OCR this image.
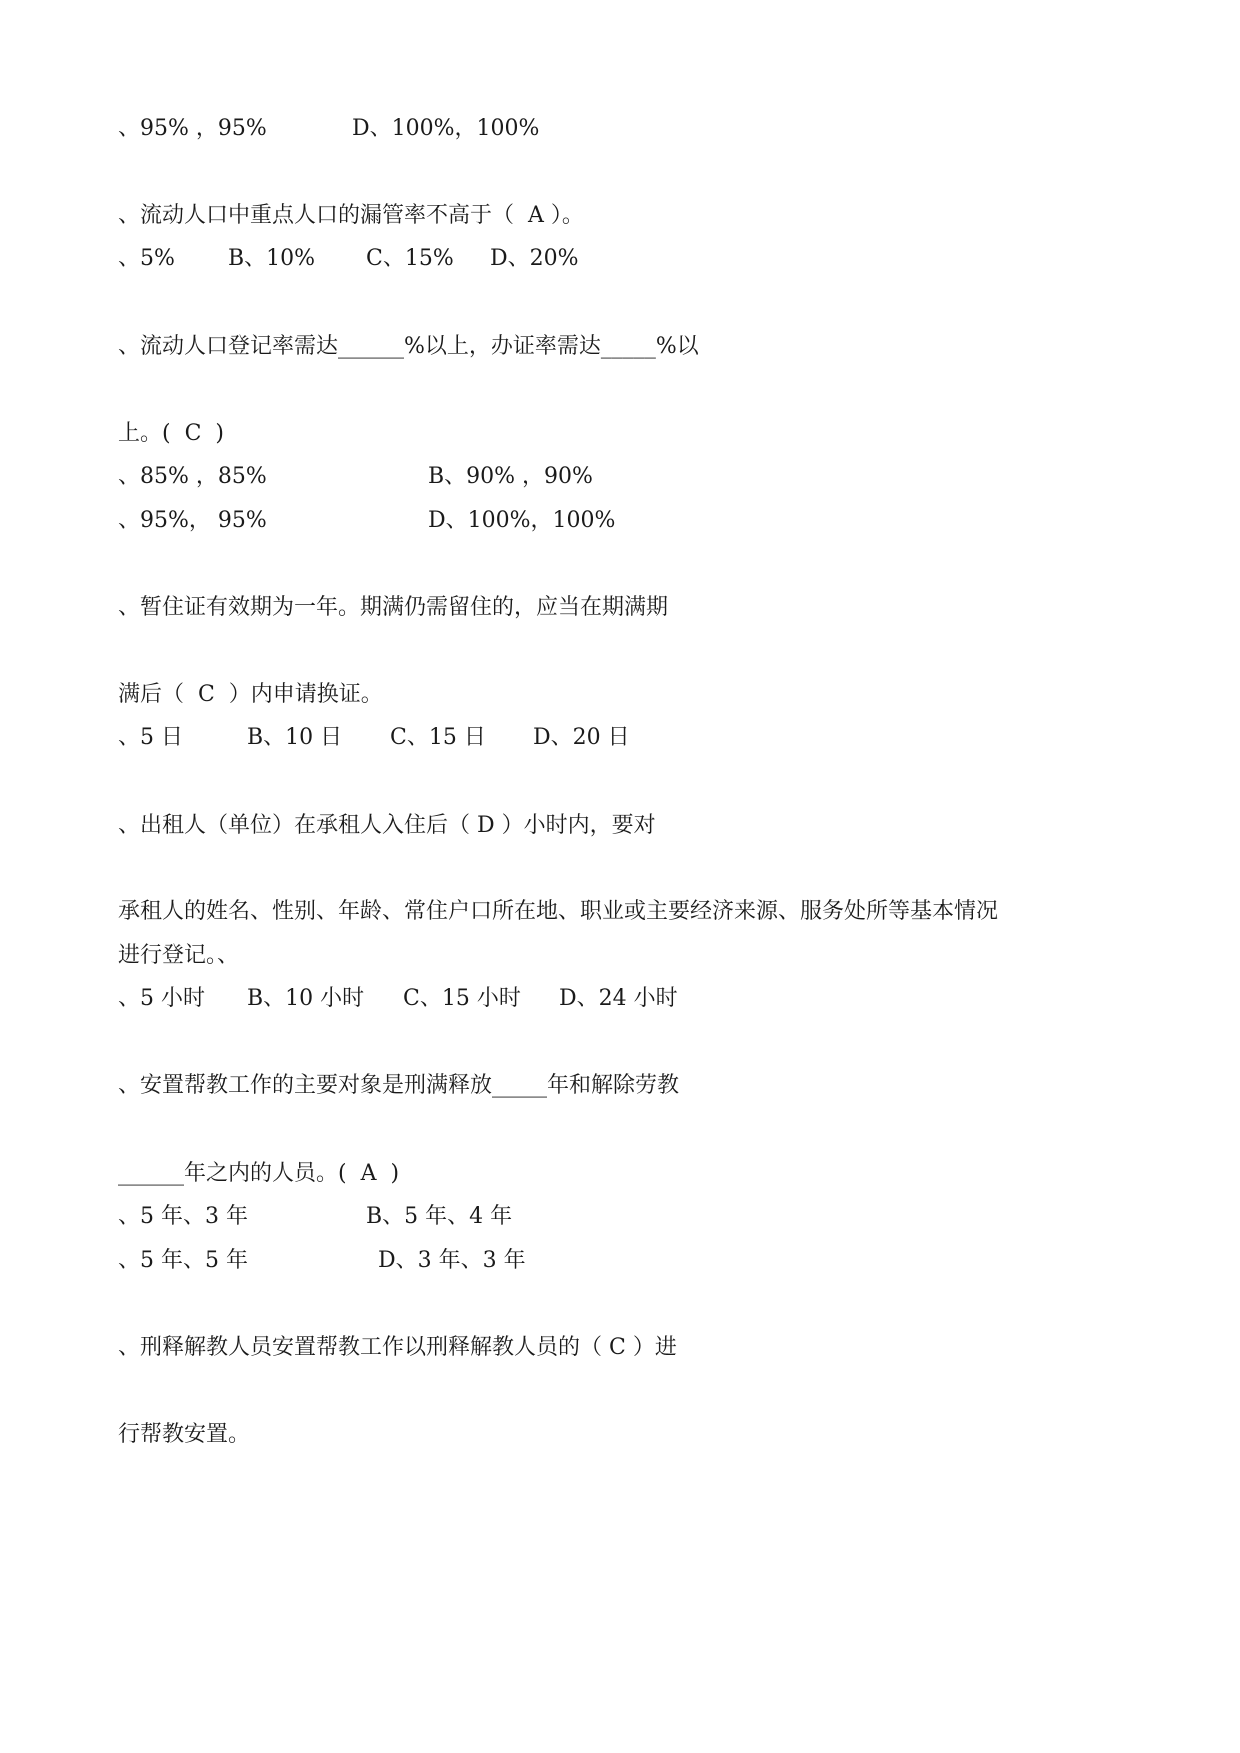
、95% ，95%	D、100%，100%

、流动人口中重点人口的漏管率不高于（  A ）。

、5% B、10% C、15% D、20%

、流动人口登记率需达______%以上，办证率需达_____%以

上。(  C  )

、85% ，85%	B、90% ，90%
、95%， 95%	D、100%，100%

、暂住证有效期为一年。期满仍需留住的，应当在期满期

满后（  C  ）内申请换证。

、5 日	B、10 日 C、15 日 D、20 日

、出租人（单位）在承租人入住后（ D ）小时内，要对

承租人的姓名、性别、年龄、常住户口所在地、职业或主要经济来源、服务处所等基本情况

进行登记。、

、5 小时 B、10 小时 C、15 小时 D、24 小时

、安置帮教工作的主要对象是刑满释放_____年和解除劳教

______年之内的人员。(  A  )

、5 年、3 年	B、5 年、4 年
、5 年、5 年	D、3 年、3 年

、刑释解教人员安置帮教工作以刑释解教人员的（ C ）进

行帮教安置。
